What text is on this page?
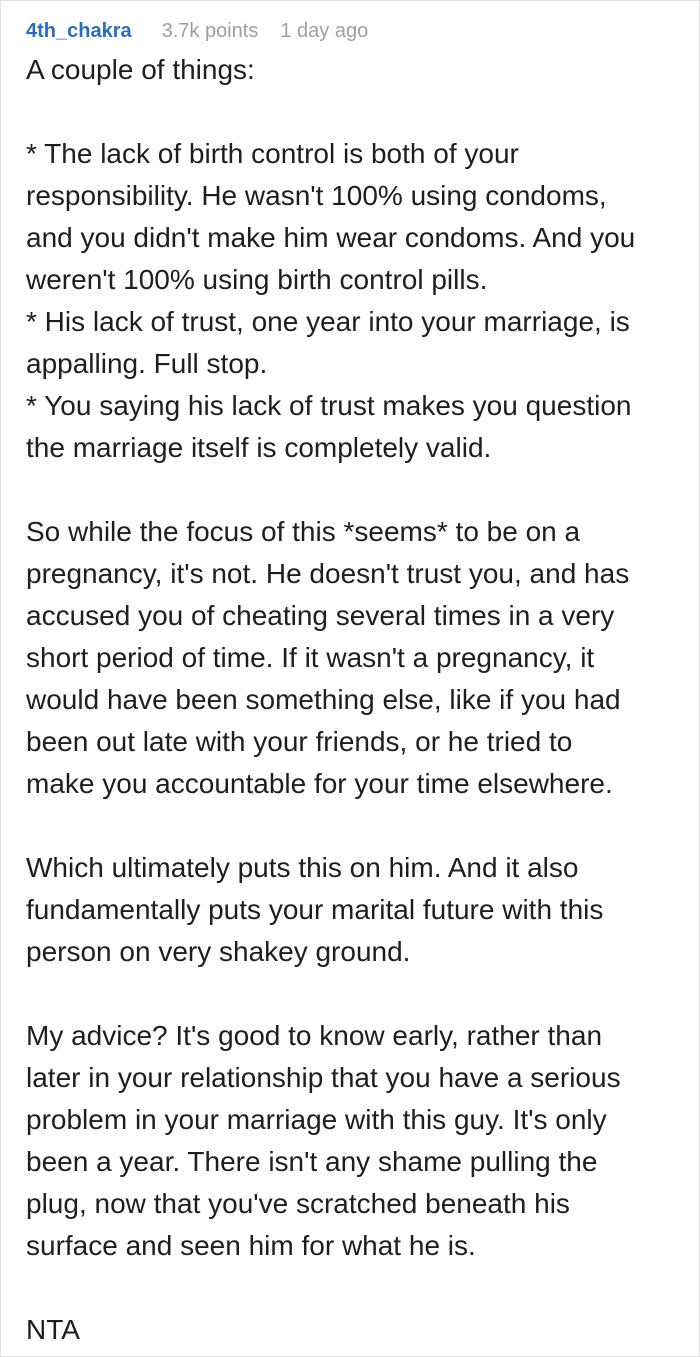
4th_chakra 3.7k points 1 day ago

A couple of things:

* The lack of birth control is both of your responsibility. He wasn't 100% using condoms, and you didn't make him wear condoms. And you weren't 100% using birth control pills.

* His lack of trust, one year into your marriage, is appalling. Full stop.

* You saying his lack of trust makes you question the marriage itself is completely valid.

So while the focus of this *seems* to be on a pregnancy, it's not. He doesn't trust you, and has accused you of cheating several times in a very short period of time. If it wasn't a pregnancy, it would have been something else, like if you had been out late with your friends, or he tried to make you accountable for your time elsewhere.

Which ultimately puts this on him. And it also fundamentally puts your marital future with this person on very shakey ground.

My advice? It's good to know early, rather than later in your relationship that you have a serious problem in your marriage with this guy. It's only been a year. There isn't any shame pulling the plug, now that you've scratched beneath his surface and seen him for what he is.

NTA
